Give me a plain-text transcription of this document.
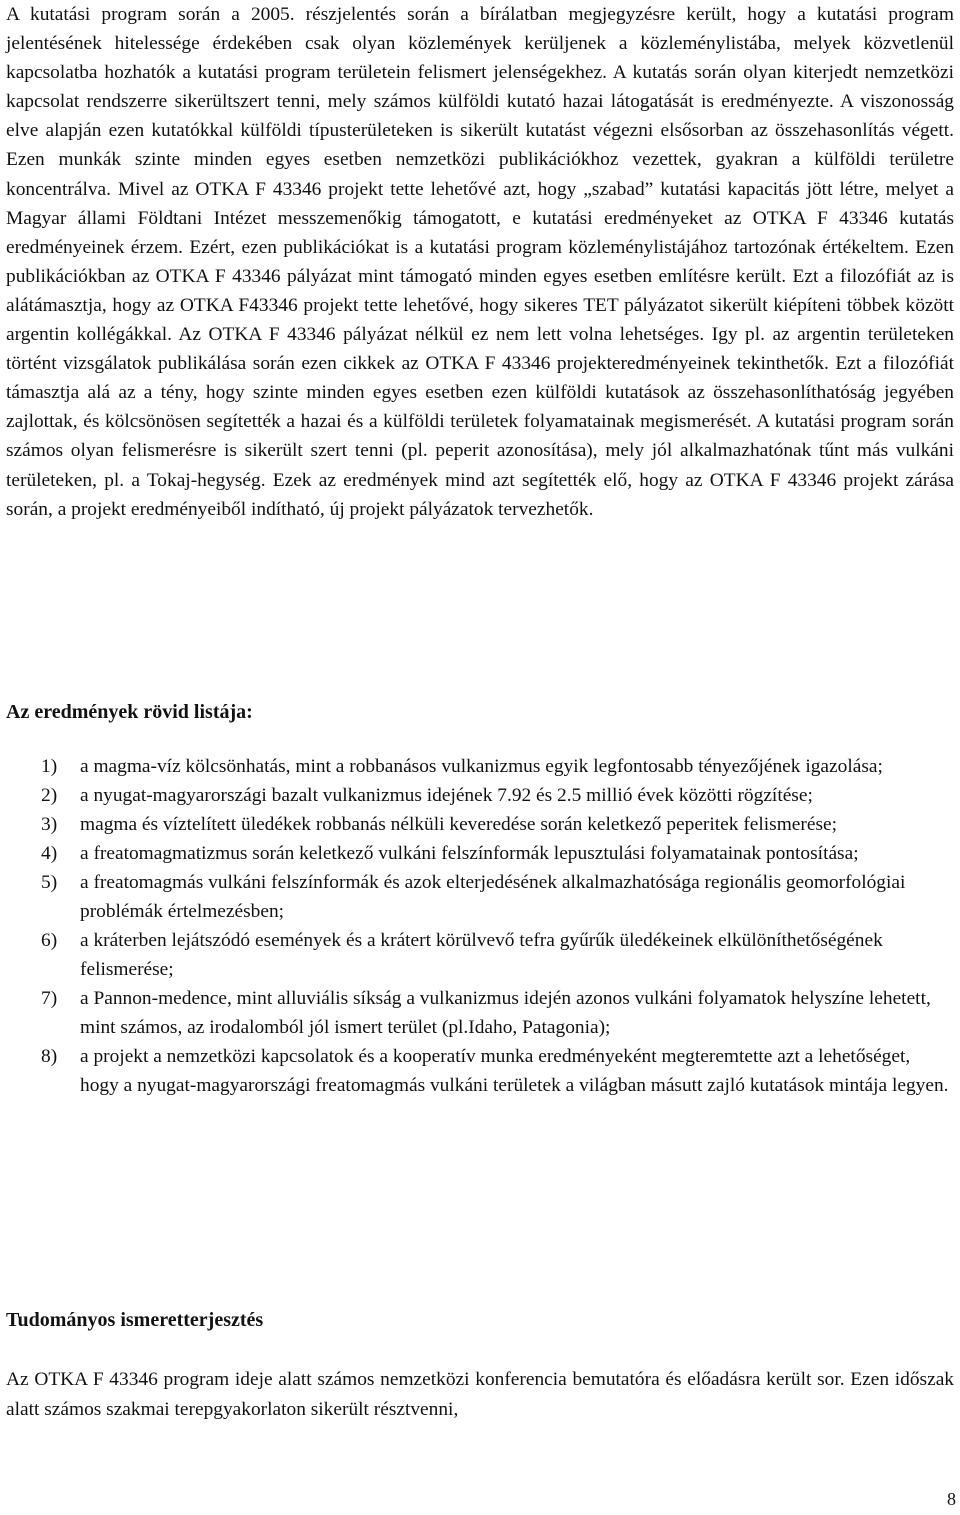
A kutatási program során a 2005. részjelentés során a bírálatban megjegyzésre került, hogy a kutatási program jelentésének hitelessége érdekében csak olyan közlemények kerüljenek a közleménylistába, melyek közvetlenül kapcsolatba hozhatók a kutatási program területein felismert jelenségekhez. A kutatás során olyan kiterjedt nemzetközi kapcsolat rendszerre sikerültszert tenni, mely számos külföldi kutató hazai látogatását is eredményezte. A viszonosság elve alapján ezen kutatókkal külföldi típusterületeken is sikerült kutatást végezni elsősorban az összehasonlítás végett. Ezen munkák szinte minden egyes esetben nemzetközi publikációkhoz vezettek, gyakran a külföldi területre koncentrálva. Mivel az OTKA F 43346 projekt tette lehetővé azt, hogy „szabad” kutatási kapacitás jött létre, melyet a Magyar állami Földtani Intézet messzemenőkig támogatott, e kutatási eredményeket az OTKA F 43346 kutatás eredményeinek érzem. Ezért, ezen publikációkat is a kutatási program közleménylistájához tartozónak értékeltem. Ezen publikációkban az OTKA F 43346 pályázat mint támogató minden egyes esetben említésre került. Ezt a filozófiát az is alátámasztja, hogy az OTKA F43346 projekt tette lehetővé, hogy sikeres TET pályázatot sikerült kiépíteni többek között argentin kollégákkal. Az OTKA F 43346 pályázat nélkül ez nem lett volna lehetséges. Igy pl. az argentin területeken történt vizsgálatok publikálása során ezen cikkek az OTKA F 43346 projekteredményeinek tekinthetők. Ezt a filozófiát támasztja alá az a tény, hogy szinte minden egyes esetben ezen külföldi kutatások az összehasonlíthatóság jegyében zajlottak, és kölcsönösen segítették a hazai és a külföldi területek folyamatainak megismerését. A kutatási program során számos olyan felismerésre is sikerült szert tenni (pl. peperit azonosítása), mely jól alkalmazhatónak tűnt más vulkáni területeken, pl. a Tokaj-hegység. Ezek az eredmények mind azt segítették elő, hogy az OTKA F 43346 projekt zárása során, a projekt eredményeiből indítható, új projekt pályázatok tervezhetők.

Az eredmények rövid listája:
1) a magma-víz kölcsönhatás, mint a robbanásos vulkanizmus egyik legfontosabb tényezőjének igazolása;
2) a nyugat-magyarországi bazalt vulkanizmus idejének 7.92 és 2.5 millió évek közötti rögzítése;
3) magma és víztelített üledékek robbanás nélküli keveredése során keletkező peperitek felismerése;
4) a freatomagmatizmus során keletkező vulkáni felszínformák lepusztulási folyamatainak pontosítása;
5) a freatomagmás vulkáni felszínformák és azok elterjedésének alkalmazhatósága regionális geomorfológiai problémák értelmezésben;
6) a kráterben lejátszódó események és a krátert körülvevő tefra gyűrűk üledékeinek elkülöníthetőségének felismerése;
7) a Pannon-medence, mint alluviális síkság a vulkanizmus idején azonos vulkáni folyamatok helyszíne lehetett, mint számos, az irodalomból jól ismert terület (pl.Idaho, Patagonia);
8) a projekt a nemzetközi kapcsolatok és a kooperatív munka eredményeként megteremtette azt a lehetőséget, hogy a nyugat-magyarországi freatomagmás vulkáni területek a világban másutt zajló kutatások mintája legyen.
Tudományos ismeretterjesztés

Az OTKA F 43346 program ideje alatt számos nemzetközi konferencia bemutatóra és előadásra került sor. Ezen időszak alatt számos szakmai terepgyakorlaton sikerült résztvenni,

8
